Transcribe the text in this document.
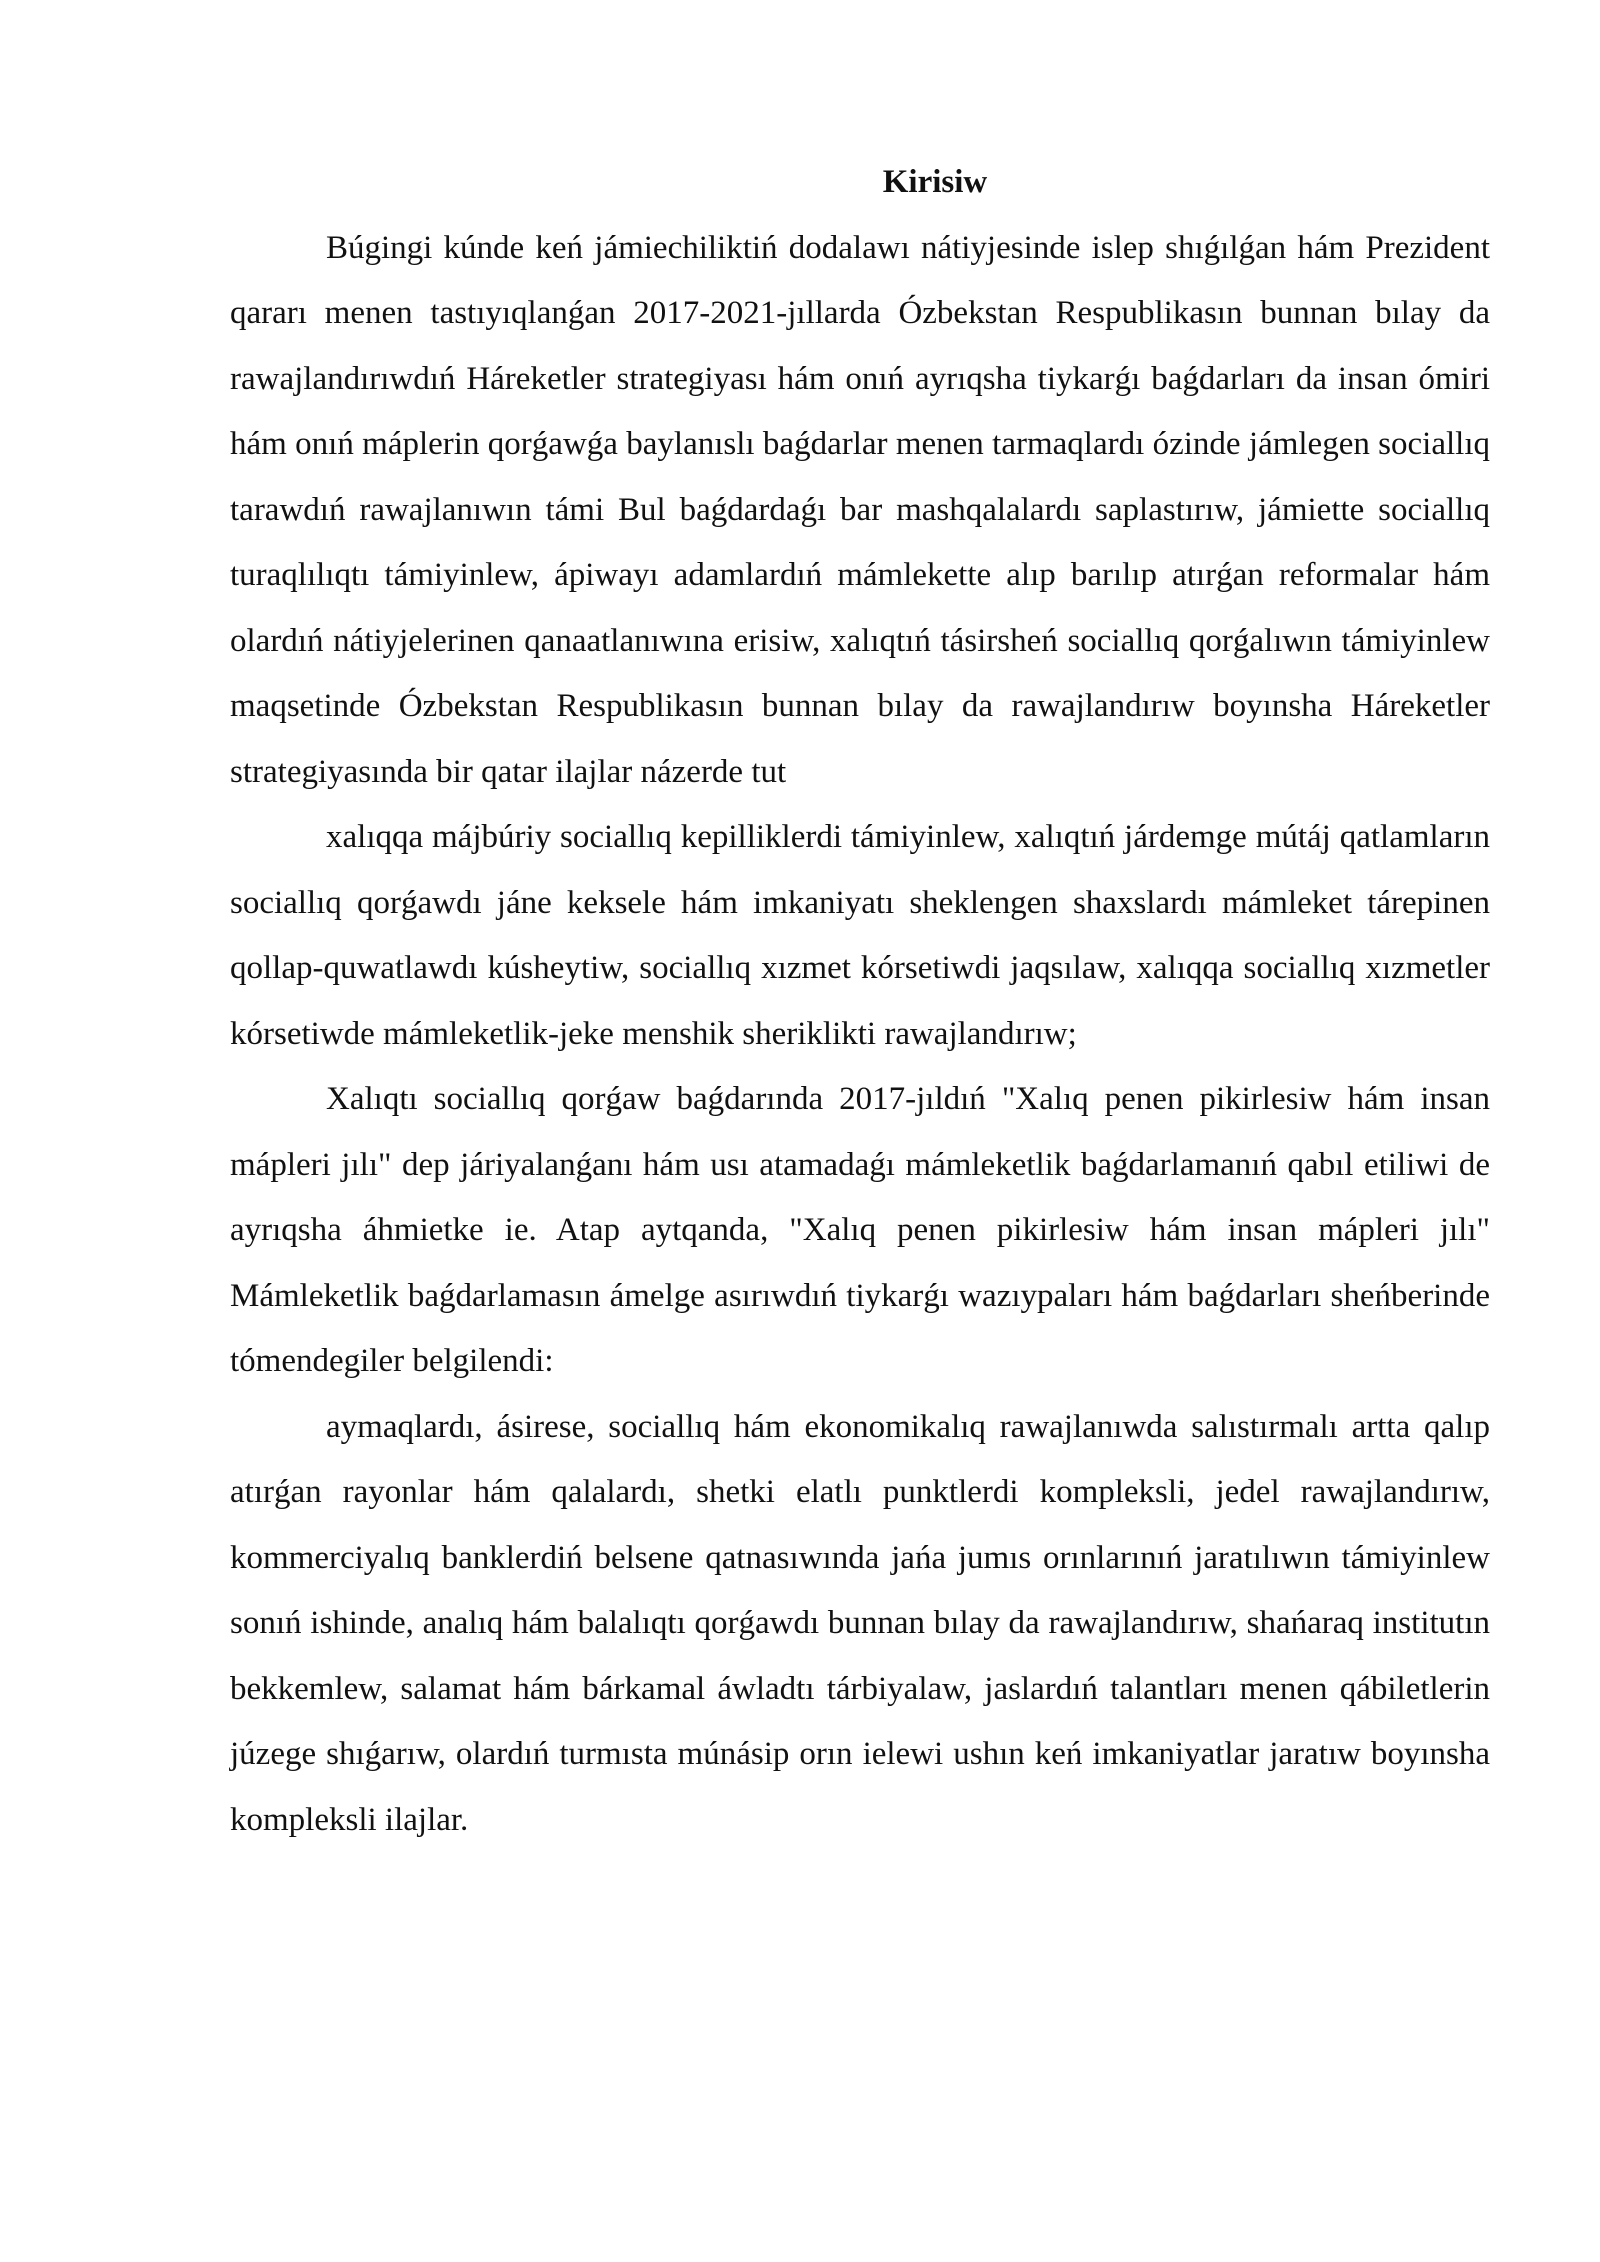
Kirisiw

Búgingi kúnde keń jámiechiliktiń dodalawı nátiyjesinde islep shıǵılǵan hám Prezident qararı menen tastıyıqlanǵan 2017-2021-jıllarda Ózbekstan Respublikasın bunnan bılay da rawajlandırıwdıń Háreketler strategiyası hám onıń ayrıqsha tiykarǵı baǵdarları da insan ómiri hám onıń máplerin qorǵawǵa baylanıslı baǵdarlar menen tarmaqlardı ózinde jámlegen sociallıq tarawdıń rawajlanıwın támi Bul baǵdardaǵı bar mashqalalardı saplastırıw, jámiette sociallıq turaqlılıqtı támiyinlew, ápiwayı adamlardıń mámlekette alıp barılıp atırǵan reformalar hám olardıń nátiyjelerinen qanaatlanıwına erisiw, xalıqtıń tásirsheń sociallıq qorǵalıwın támiyinlew maqsetinde Ózbekstan Respublikasın bunnan bılay da rawajlandırıw boyınsha Háreketler strategiyasında bir qatar ilajlar názerde tut

xalıqqa májbúriy sociallıq kepilliklerdi támiyinlew, xalıqtıń járdemge mútáj qatlamların sociallıq qorǵawdı jáne keksele hám imkaniyatı sheklengen shaxslardı mámleket tárepinen qollap-quwatlawdı kúsheytiw, sociallıq xızmet kórsetiwdi jaqsılaw, xalıqqa sociallıq xızmetler kórsetiwde mámleketlik-jeke menshik sheriklikti rawajlandırıw;

Xalıqtı sociallıq qorǵaw baǵdarında 2017-jıldıń "Xalıq penen pikirlesiw hám insan mápleri jılı" dep járiyalanǵanı hám usı atamadaǵı mámleketlik baǵdarlamanıń qabıl etiliwi de ayrıqsha áhmietke ie. Atap aytqanda, "Xalıq penen pikirlesiw hám insan mápleri jılı" Mámleketlik baǵdarlamasın ámelge asırıwdıń tiykarǵı wazıypaları hám baǵdarları sheńberinde tómendegiler belgilendi:

aymaqlardı, ásirese, sociallıq hám ekonomikalıq rawajlanıwda salıstırmalı artta qalıp atırǵan rayonlar hám qalalardı, shetki elatlı punktlerdi kompleksli, jedel rawajlandırıw, kommerciyalıq banklerdiń belsene qatnasıwında jańa jumıs orınlarınıń jaratılıwın támiyinlew sonıń ishinde, analıq hám balalıqtı qorǵawdı bunnan bılay da rawajlandırıw, shańaraq institutın bekkemlew, salamat hám bárkamal áwladtı tárbiyalaw, jaslardıń talantları menen qábiletlerin júzege shıǵarıw, olardıń turmısta múnásip orın ielewi ushın keń imkaniyatlar jaratıw boyınsha kompleksli ilajlar.
